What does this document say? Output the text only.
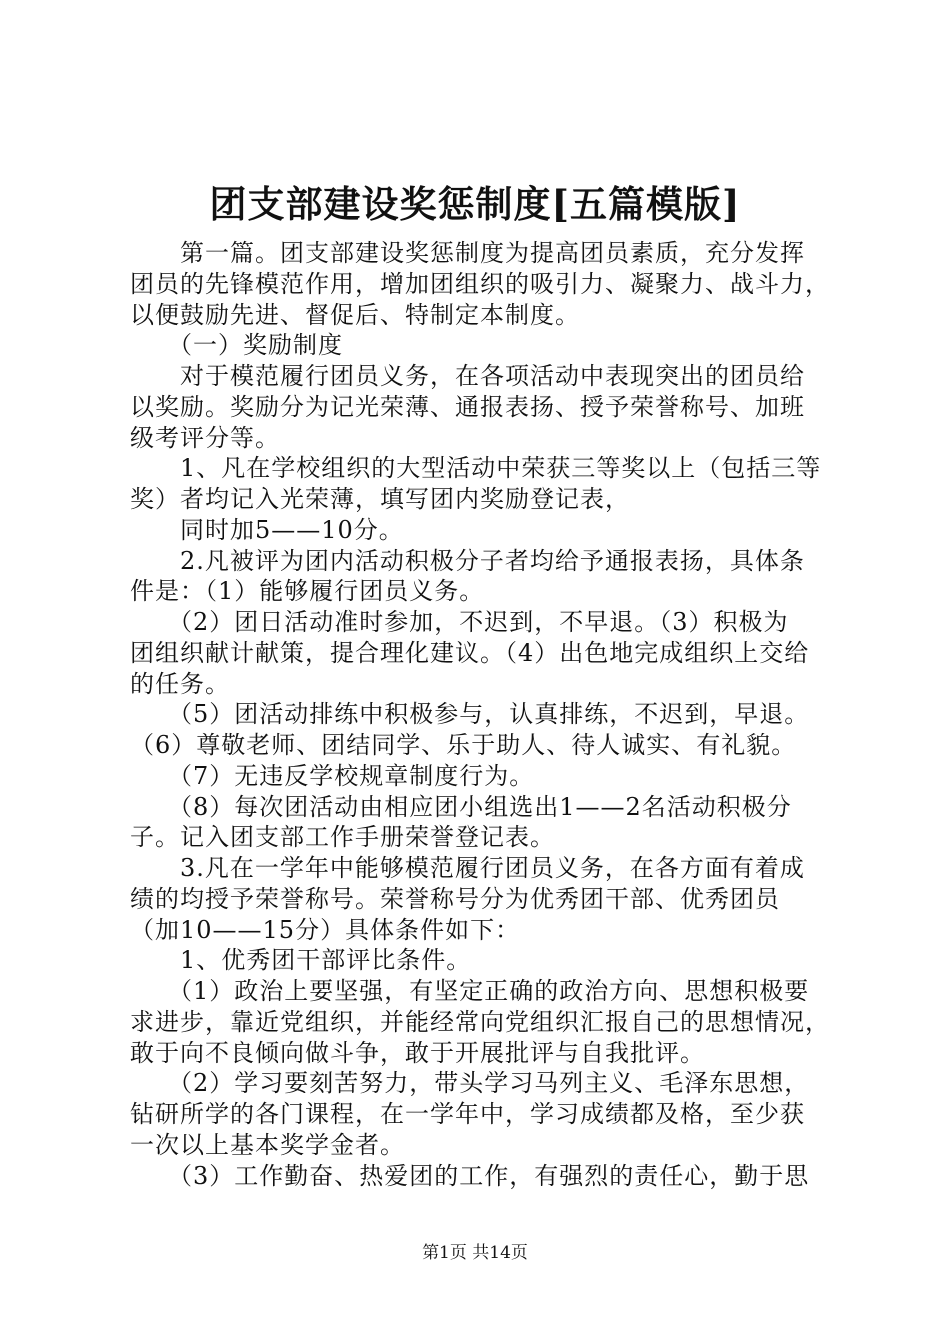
团支部建设奖惩制度[五篇模版]
　　第一篇。团支部建设奖惩制度为提高团员素质，充分发挥
团员的先锋模范作用，增加团组织的吸引力、凝聚力、战斗力，
以便鼓励先进、督促后、特制定本制度。
　　（一）奖励制度
　　对于模范履行团员义务，在各项活动中表现突出的团员给
以奖励。奖励分为记光荣薄、通报表扬、授予荣誉称号、加班
级考评分等。
　　1、凡在学校组织的大型活动中荣获三等奖以上（包括三等
奖）者均记入光荣薄，填写团内奖励登记表，
　　同时加5——10分。
　　2.凡被评为团内活动积极分子者均给予通报表扬，具体条
件是：（1）能够履行团员义务。
　　（2）团日活动准时参加，不迟到，不早退。（3）积极为
团组织献计献策，提合理化建议。（4）出色地完成组织上交给
的任务。
　　（5）团活动排练中积极参与，认真排练，不迟到，早退。
（6）尊敬老师、团结同学、乐于助人、待人诚实、有礼貌。
　　（7）无违反学校规章制度行为。
　　（8）每次团活动由相应团小组选出1——2名活动积极分
子。记入团支部工作手册荣誉登记表。
　　3.凡在一学年中能够模范履行团员义务，在各方面有着成
绩的均授予荣誉称号。荣誉称号分为优秀团干部、优秀团员
（加10——15分）具体条件如下：
　　1、优秀团干部评比条件。
　　（1）政治上要坚强，有坚定正确的政治方向、思想积极要
求进步，靠近党组织，并能经常向党组织汇报自己的思想情况，
敢于向不良倾向做斗争，敢于开展批评与自我批评。
　　（2）学习要刻苦努力，带头学习马列主义、毛泽东思想，
钻研所学的各门课程，在一学年中，学习成绩都及格，至少获
一次以上基本奖学金者。
　　（3）工作勤奋、热爱团的工作，有强烈的责任心，勤于思
第1页 共14页
